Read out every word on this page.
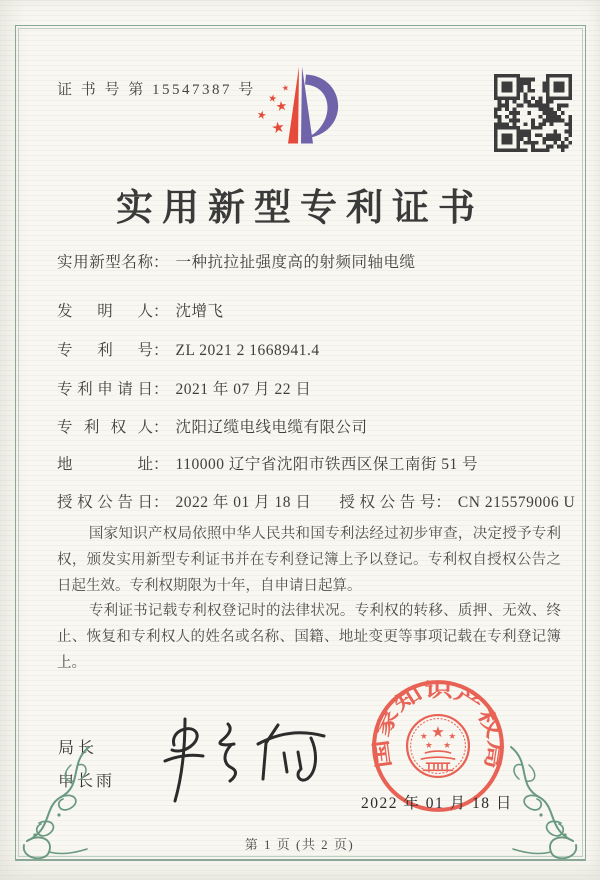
证 书 号 第 15547387 号	★
★
★
★
★
实用新型专利证书
实用新型名称 ： 一种抗拉扯强度高的射频同轴电缆
发明人 ： 沈增飞
专利号 ： ZL 2021 2 1668941.4
专利申请日 ： 2021 年 07 月 22 日
专利权人 ： 沈阳辽缆电线电缆有限公司
地址 ： 110000 辽宁省沈阳市铁西区保工南街 51 号
授权公告日 ： 2022 年 01 月 18 日 授权公告号 ： CN 215579006 U

国家知识产权局依照中华人民共和国专利法经过初步审查，决定授予专利权，颁发实用新型专利证书并在专利登记簿上予以登记。专利权自授权公告之日起生效。专利权期限为十年，自申请日起算。

专利证书记载专利权登记时的法律状况。专利权的转移、质押、无效、终止、恢复和专利权人的姓名或名称、国籍、地址变更等事项记载在专利登记簿上。

局长
申长雨
国家知识产权局
★
★ ★
★ ★
2022 年 01 月 18 日
第 1 页 (共 2 页)
